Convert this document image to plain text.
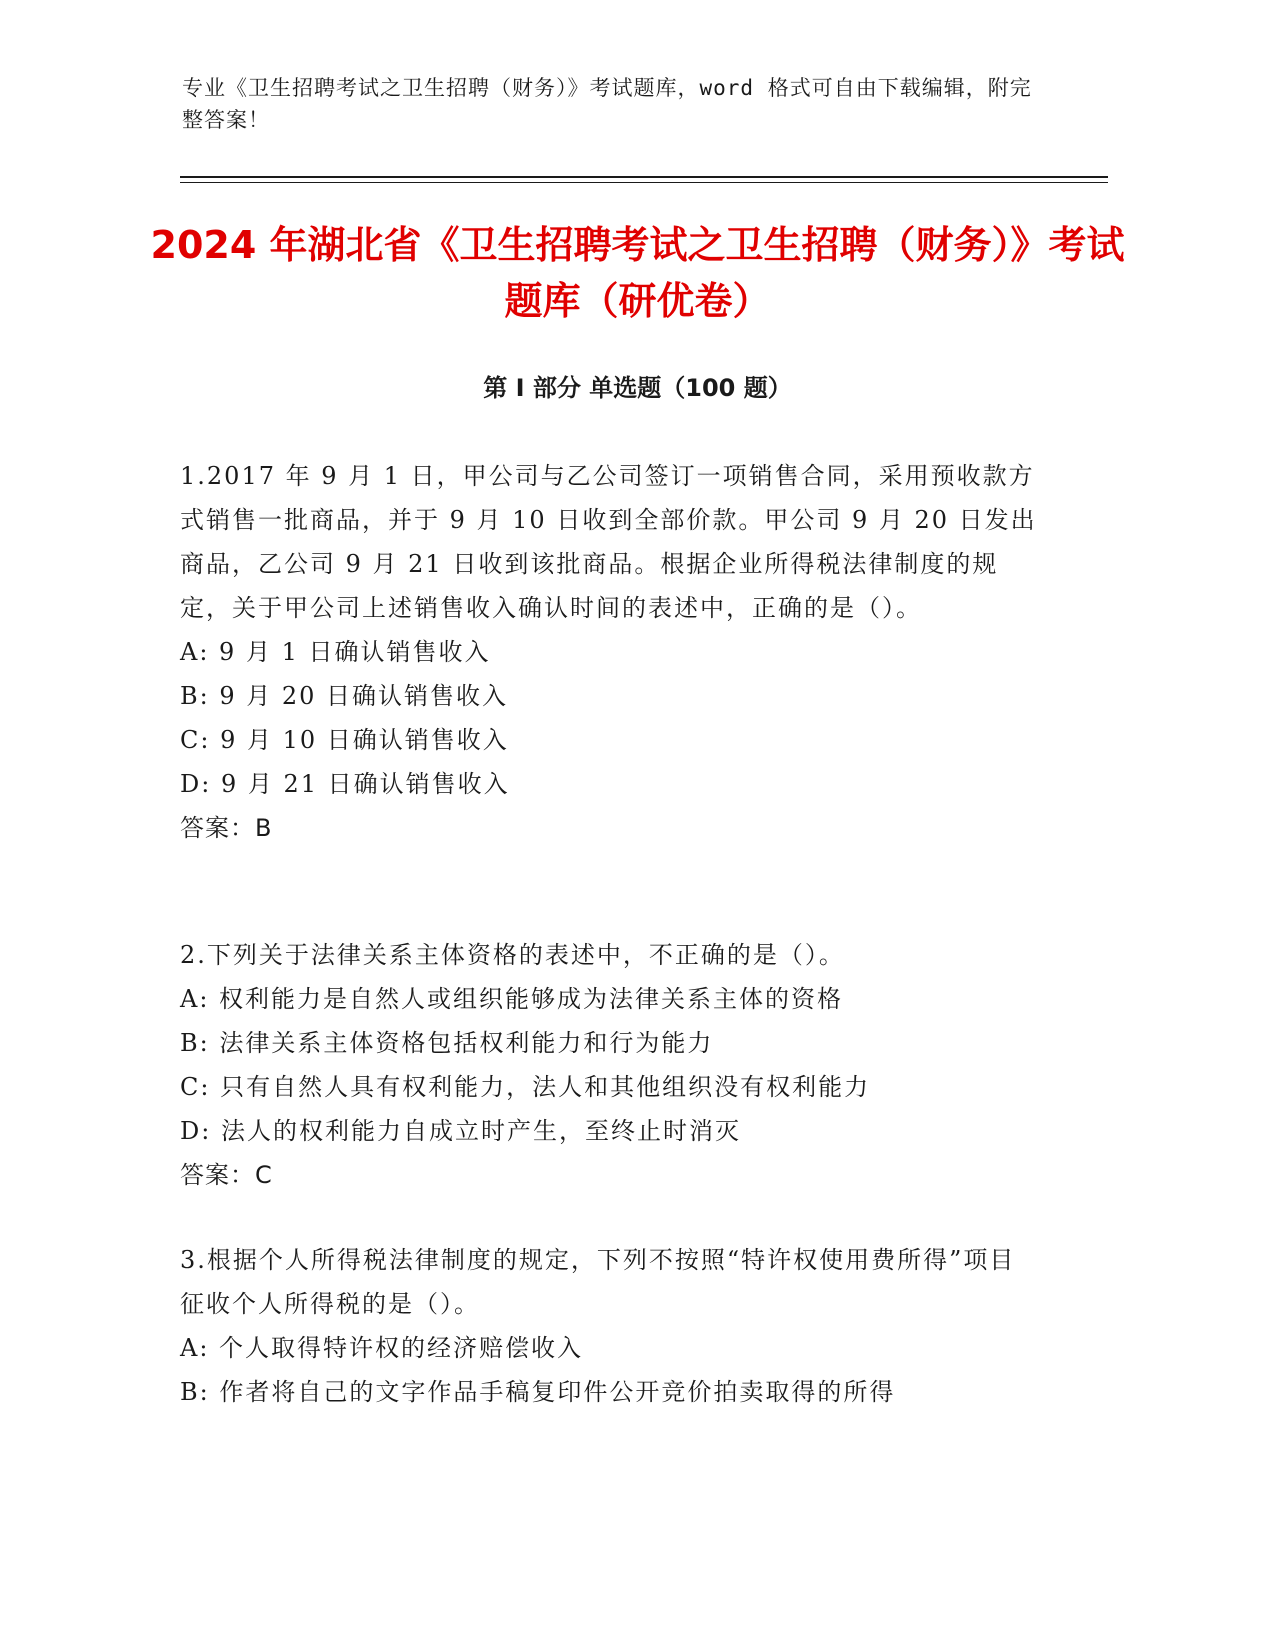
专业《卫生招聘考试之卫生招聘（财务）》考试题库，word 格式可自由下载编辑，附完整答案！
2024 年湖北省《卫生招聘考试之卫生招聘（财务）》考试题库（研优卷）
第 I 部分 单选题（100 题）

1.2017 年 9 月 1 日，甲公司与乙公司签订一项销售合同，采用预收款方式销售一批商品，并于 9 月 10 日收到全部价款。甲公司 9 月 20 日发出商品，乙公司 9 月 21 日收到该批商品。根据企业所得税法律制度的规定，关于甲公司上述销售收入确认时间的表述中，正确的是（）。

A: 9 月 1 日确认销售收入

B: 9 月 20 日确认销售收入

C: 9 月 10 日确认销售收入

D: 9 月 21 日确认销售收入

答案：B

2.下列关于法律关系主体资格的表述中，不正确的是（）。

A: 权利能力是自然人或组织能够成为法律关系主体的资格

B: 法律关系主体资格包括权利能力和行为能力

C: 只有自然人具有权利能力，法人和其他组织没有权利能力

D: 法人的权利能力自成立时产生，至终止时消灭

答案：C

3.根据个人所得税法律制度的规定，下列不按照“特许权使用费所得”项目征收个人所得税的是（）。

A: 个人取得特许权的经济赔偿收入

B: 作者将自己的文字作品手稿复印件公开竞价拍卖取得的所得
